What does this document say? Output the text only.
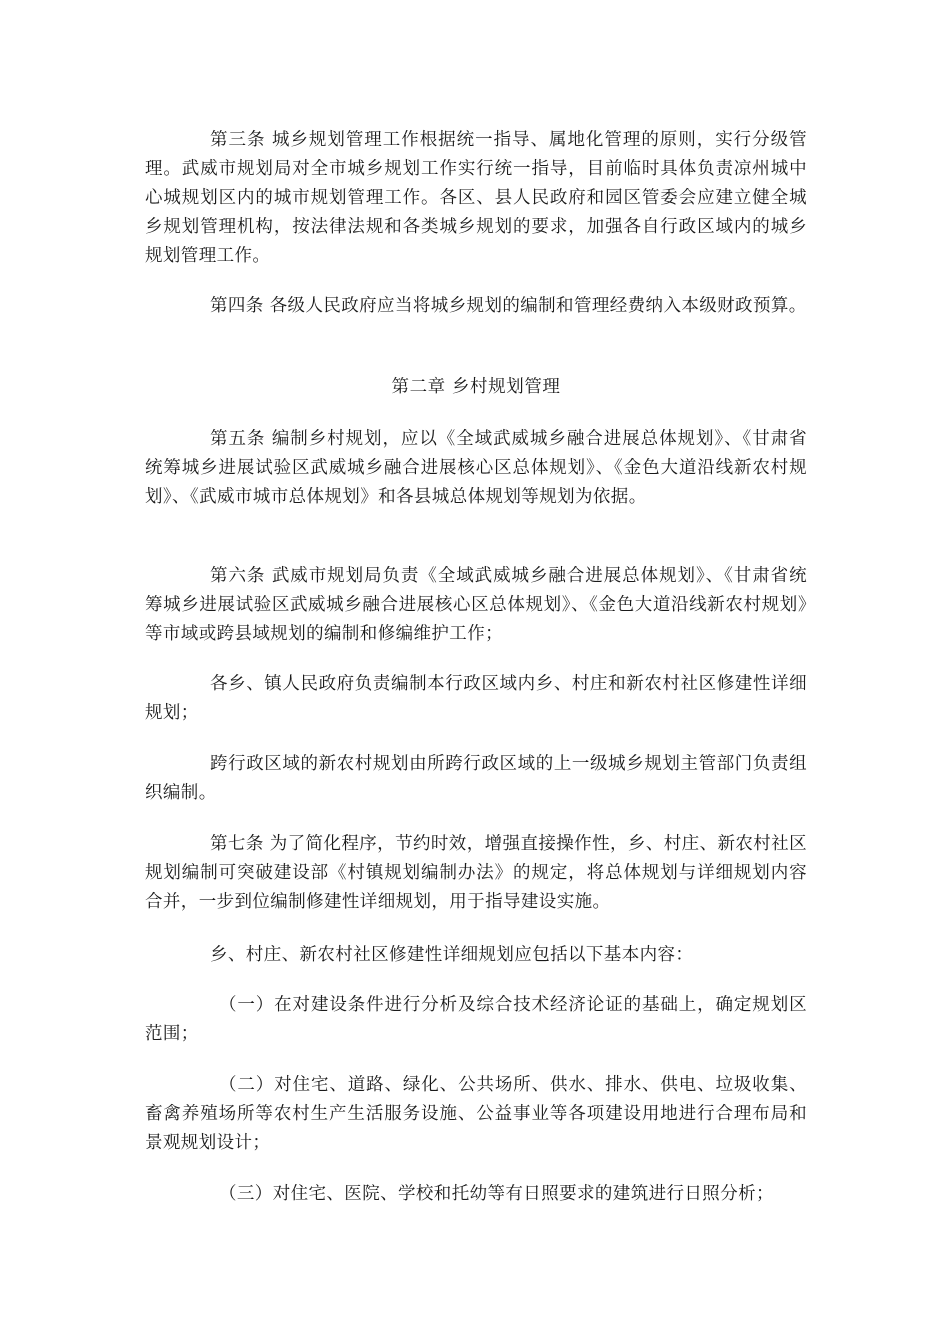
第三条 城乡规划管理工作根据统一指导、属地化管理的原则，实行分级管理。武威市规划局对全市城乡规划工作实行统一指导，目前临时具体负责凉州城中心城规划区内的城市规划管理工作。各区、县人民政府和园区管委会应建立健全城乡规划管理机构，按法律法规和各类城乡规划的要求，加强各自行政区域内的城乡规划管理工作。

第四条 各级人民政府应当将城乡规划的编制和管理经费纳入本级财政预算。

第二章 乡村规划管理

第五条 编制乡村规划，应以《全域武威城乡融合进展总体规划》、《甘肃省统筹城乡进展试验区武威城乡融合进展核心区总体规划》、《金色大道沿线新农村规划》、《武威市城市总体规划》和各县城总体规划等规划为依据。

第六条 武威市规划局负责《全域武威城乡融合进展总体规划》、《甘肃省统筹城乡进展试验区武威城乡融合进展核心区总体规划》、《金色大道沿线新农村规划》等市域或跨县域规划的编制和修编维护工作；

各乡、镇人民政府负责编制本行政区域内乡、村庄和新农村社区修建性详细规划；

跨行政区域的新农村规划由所跨行政区域的上一级城乡规划主管部门负责组织编制。

第七条 为了简化程序，节约时效，增强直接操作性，乡、村庄、新农村社区规划编制可突破建设部《村镇规划编制办法》的规定，将总体规划与详细规划内容合并，一步到位编制修建性详细规划，用于指导建设实施。

乡、村庄、新农村社区修建性详细规划应包括以下基本内容：

（一）在对建设条件进行分析及综合技术经济论证的基础上，确定规划区范围；

（二）对住宅、道路、绿化、公共场所、供水、排水、供电、垃圾收集、畜禽养殖场所等农村生产生活服务设施、公益事业等各项建设用地进行合理布局和景观规划设计；

（三）对住宅、医院、学校和托幼等有日照要求的建筑进行日照分析；
